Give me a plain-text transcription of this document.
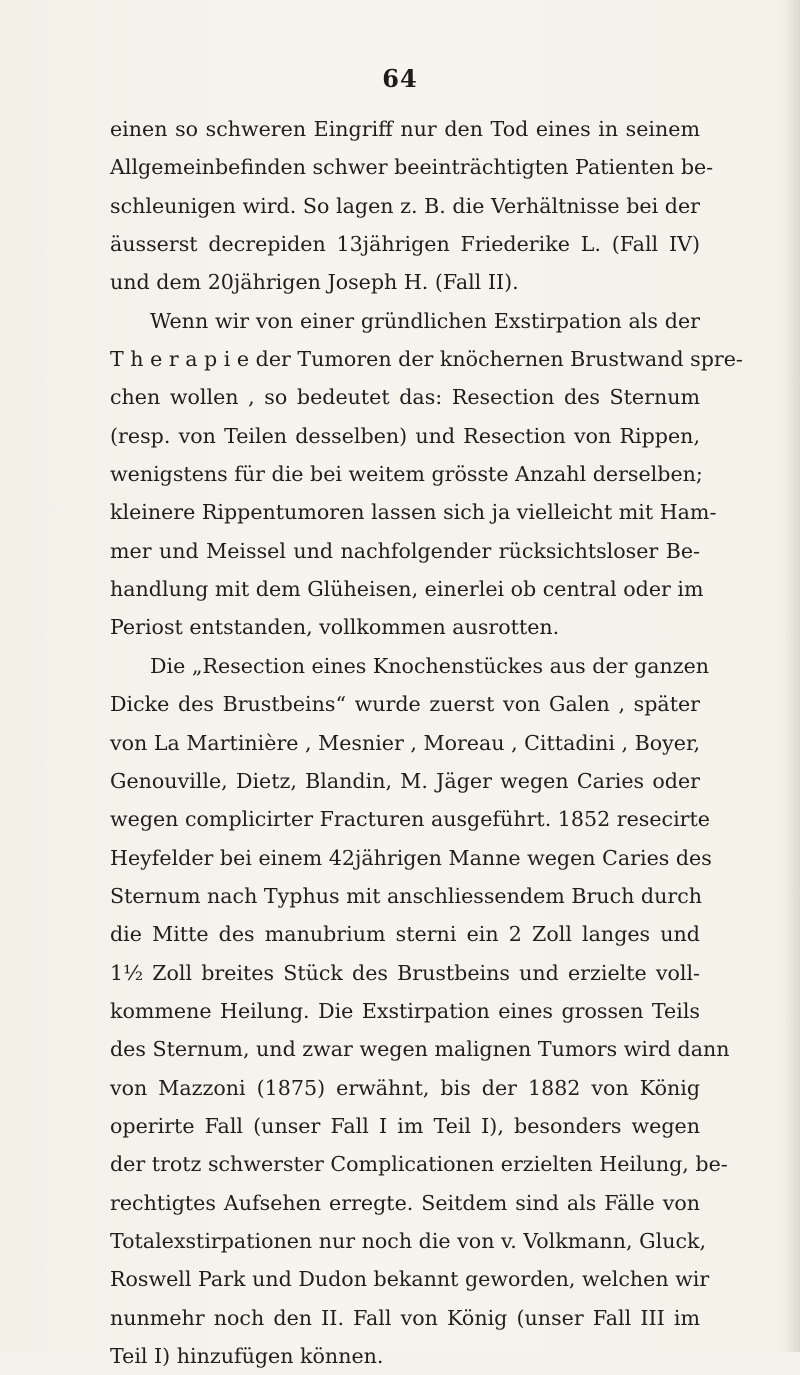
64
einen so schweren Eingriff nur den Tod eines in seinem
Allgemeinbefinden schwer beeinträchtigten Patienten be-
schleunigen wird. So lagen z. B. die Verhältnisse bei der
äusserst decrepiden 13jährigen Friederike L. (Fall IV)
und dem 20jährigen Joseph H. (Fall II).
Wenn wir von einer gründlichen Exstirpation als der
T h e r a p i e der Tumoren der knöchernen Brustwand spre-
chen wollen , so bedeutet das: Resection des Sternum
(resp. von Teilen desselben) und Resection von Rippen,
wenigstens für die bei weitem grösste Anzahl derselben;
kleinere Rippentumoren lassen sich ja vielleicht mit Ham-
mer und Meissel und nachfolgender rücksichtsloser Be-
handlung mit dem Glüheisen, einerlei ob central oder im
Periost entstanden, vollkommen ausrotten.
Die „Resection eines Knochenstückes aus der ganzen
Dicke des Brustbeins“ wurde zuerst von Galen , später
von La Martinière , Mesnier , Moreau , Cittadini , Boyer,
Genouville, Dietz, Blandin, M. Jäger wegen Caries oder
wegen complicirter Fracturen ausgeführt. 1852 resecirte
Heyfelder bei einem 42jährigen Manne wegen Caries des
Sternum nach Typhus mit anschliessendem Bruch durch
die Mitte des manubrium sterni ein 2 Zoll langes und
1½ Zoll breites Stück des Brustbeins und erzielte voll-
kommene Heilung. Die Exstirpation eines grossen Teils
des Sternum, und zwar wegen malignen Tumors wird dann
von Mazzoni (1875) erwähnt, bis der 1882 von König
operirte Fall (unser Fall I im Teil I), besonders wegen
der trotz schwerster Complicationen erzielten Heilung, be-
rechtigtes Aufsehen erregte. Seitdem sind als Fälle von
Totalexstirpationen nur noch die von v. Volkmann, Gluck,
Roswell Park und Dudon bekannt geworden, welchen wir
nunmehr noch den II. Fall von König (unser Fall III im
Teil I) hinzufügen können.
